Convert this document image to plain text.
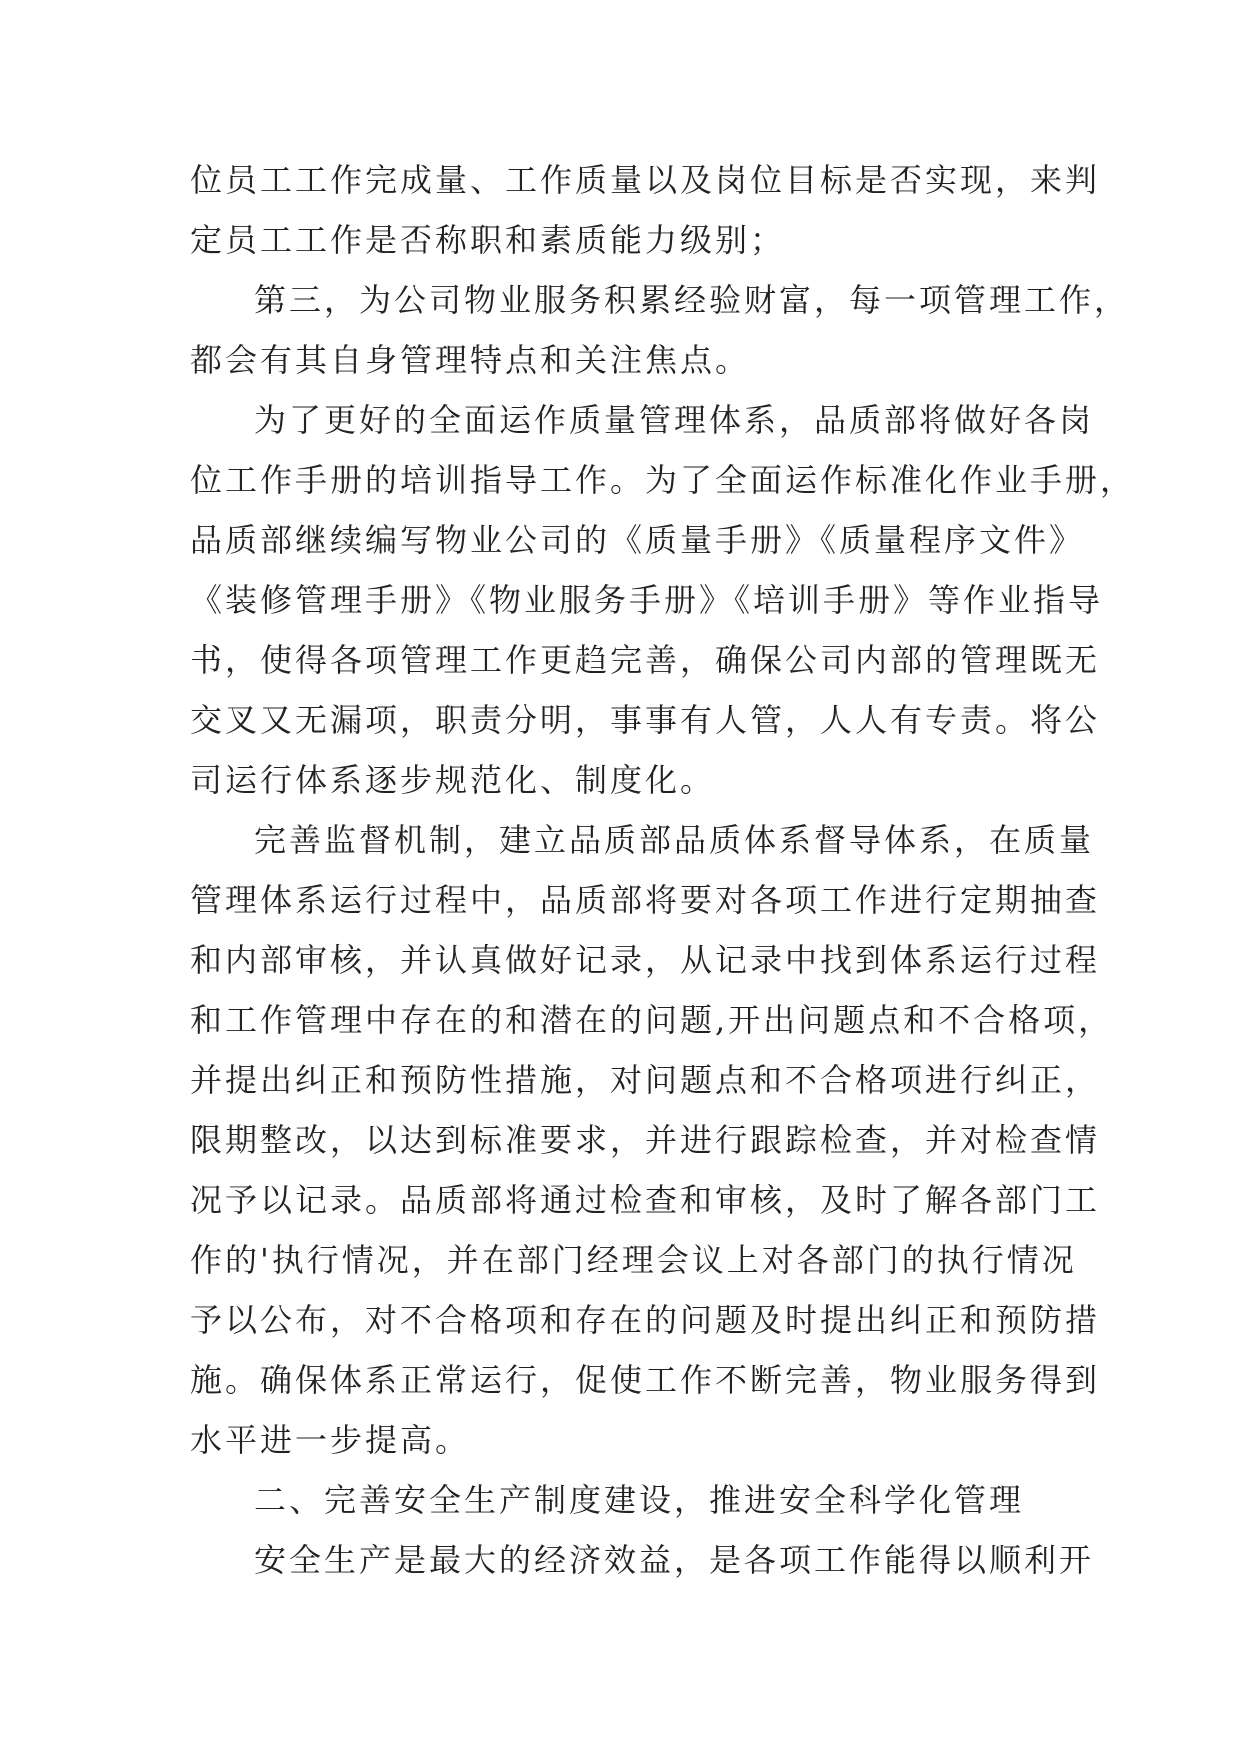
位员工工作完成量、工作质量以及岗位目标是否实现，来判
定员工工作是否称职和素质能力级别；
第三，为公司物业服务积累经验财富，每一项管理工作，
都会有其自身管理特点和关注焦点。
为了更好的全面运作质量管理体系，品质部将做好各岗
位工作手册的培训指导工作。为了全面运作标准化作业手册，
品质部继续编写物业公司的《质量手册》《质量程序文件》
《装修管理手册》《物业服务手册》《培训手册》等作业指导
书，使得各项管理工作更趋完善，确保公司内部的管理既无
交叉又无漏项，职责分明，事事有人管，人人有专责。将公
司运行体系逐步规范化、制度化。
完善监督机制，建立品质部品质体系督导体系，在质量
管理体系运行过程中，品质部将要对各项工作进行定期抽查
和内部审核，并认真做好记录，从记录中找到体系运行过程
和工作管理中存在的和潜在的问题,开出问题点和不合格项，
并提出纠正和预防性措施，对问题点和不合格项进行纠正，
限期整改，以达到标准要求，并进行跟踪检查，并对检查情
况予以记录。品质部将通过检查和审核，及时了解各部门工
作的'执行情况，并在部门经理会议上对各部门的执行情况
予以公布，对不合格项和存在的问题及时提出纠正和预防措
施。确保体系正常运行，促使工作不断完善，物业服务得到
水平进一步提高。
二、完善安全生产制度建设，推进安全科学化管理
安全生产是最大的经济效益，是各项工作能得以顺利开
